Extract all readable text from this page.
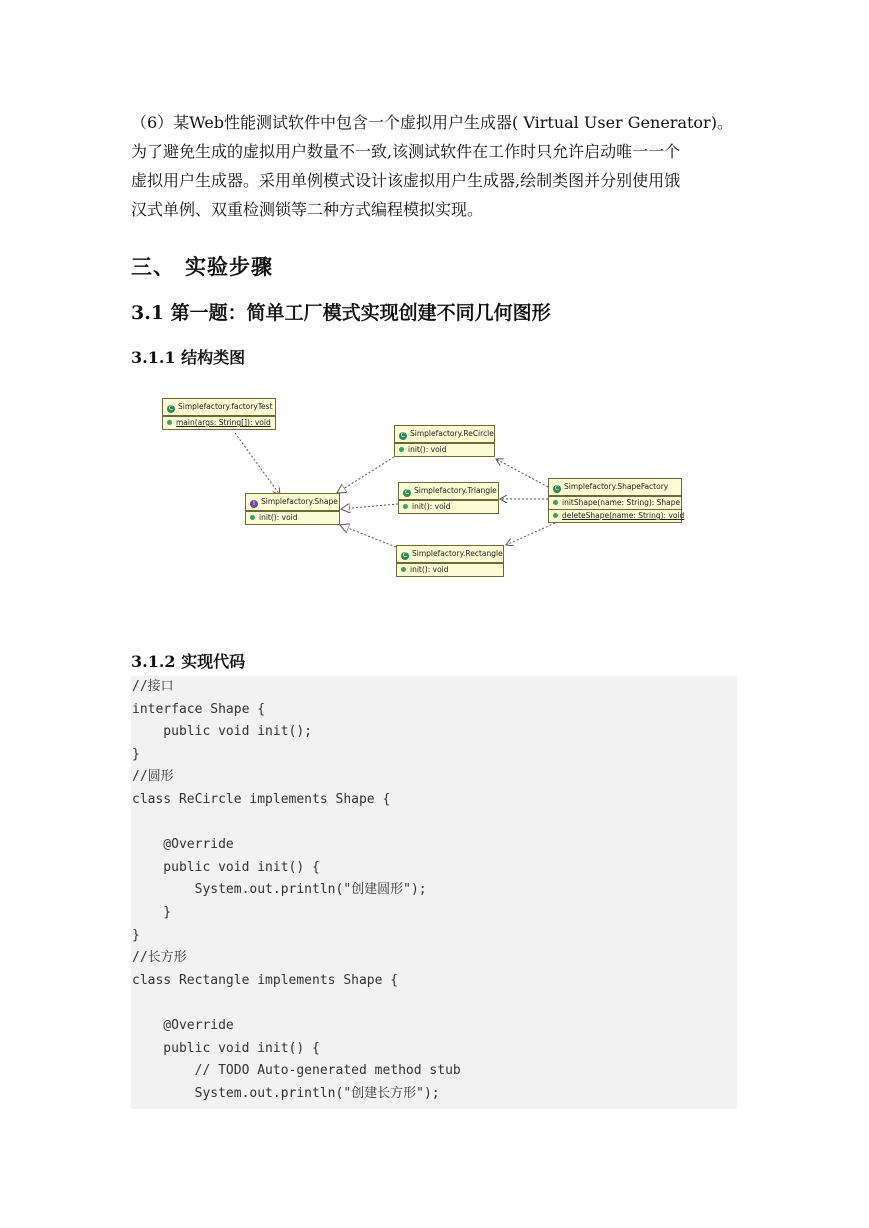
（6）某Web性能测试软件中包含一个虚拟用户生成器( Virtual User Generator)。

为了避免生成的虚拟用户数量不一致,该测试软件在工作时只允许启动唯一一个

虚拟用户生成器。采用单例模式设计该虚拟用户生成器,绘制类图并分别使用饿

汉式单例、双重检测锁等二种方式编程模拟实现。

三、 实验步骤
3.1 第一题：简单工厂模式实现创建不同几何图形
3.1.1 结构类图
C Simplefactory.factoryTest
main(args: String[]): void
I Simplefactory.Shape
init(): void
C Simplefactory.ReCircle
init(): void
C Simplefactory.Triangle
init(): void
C Simplefactory.Rectangle
init(): void
C Simplefactory.ShapeFactory
initShape(name: String): Shape
deleteShape(name: String): void
3.1.2 实现代码
//接口
interface Shape {
public void init();
}
//圆形
class ReCircle implements Shape {
@Override
public void init() {
System.out.println("创建圆形");
}
}
//长方形
class Rectangle implements Shape {
@Override
public void init() {
// TODO Auto-generated method stub
System.out.println("创建长方形");
